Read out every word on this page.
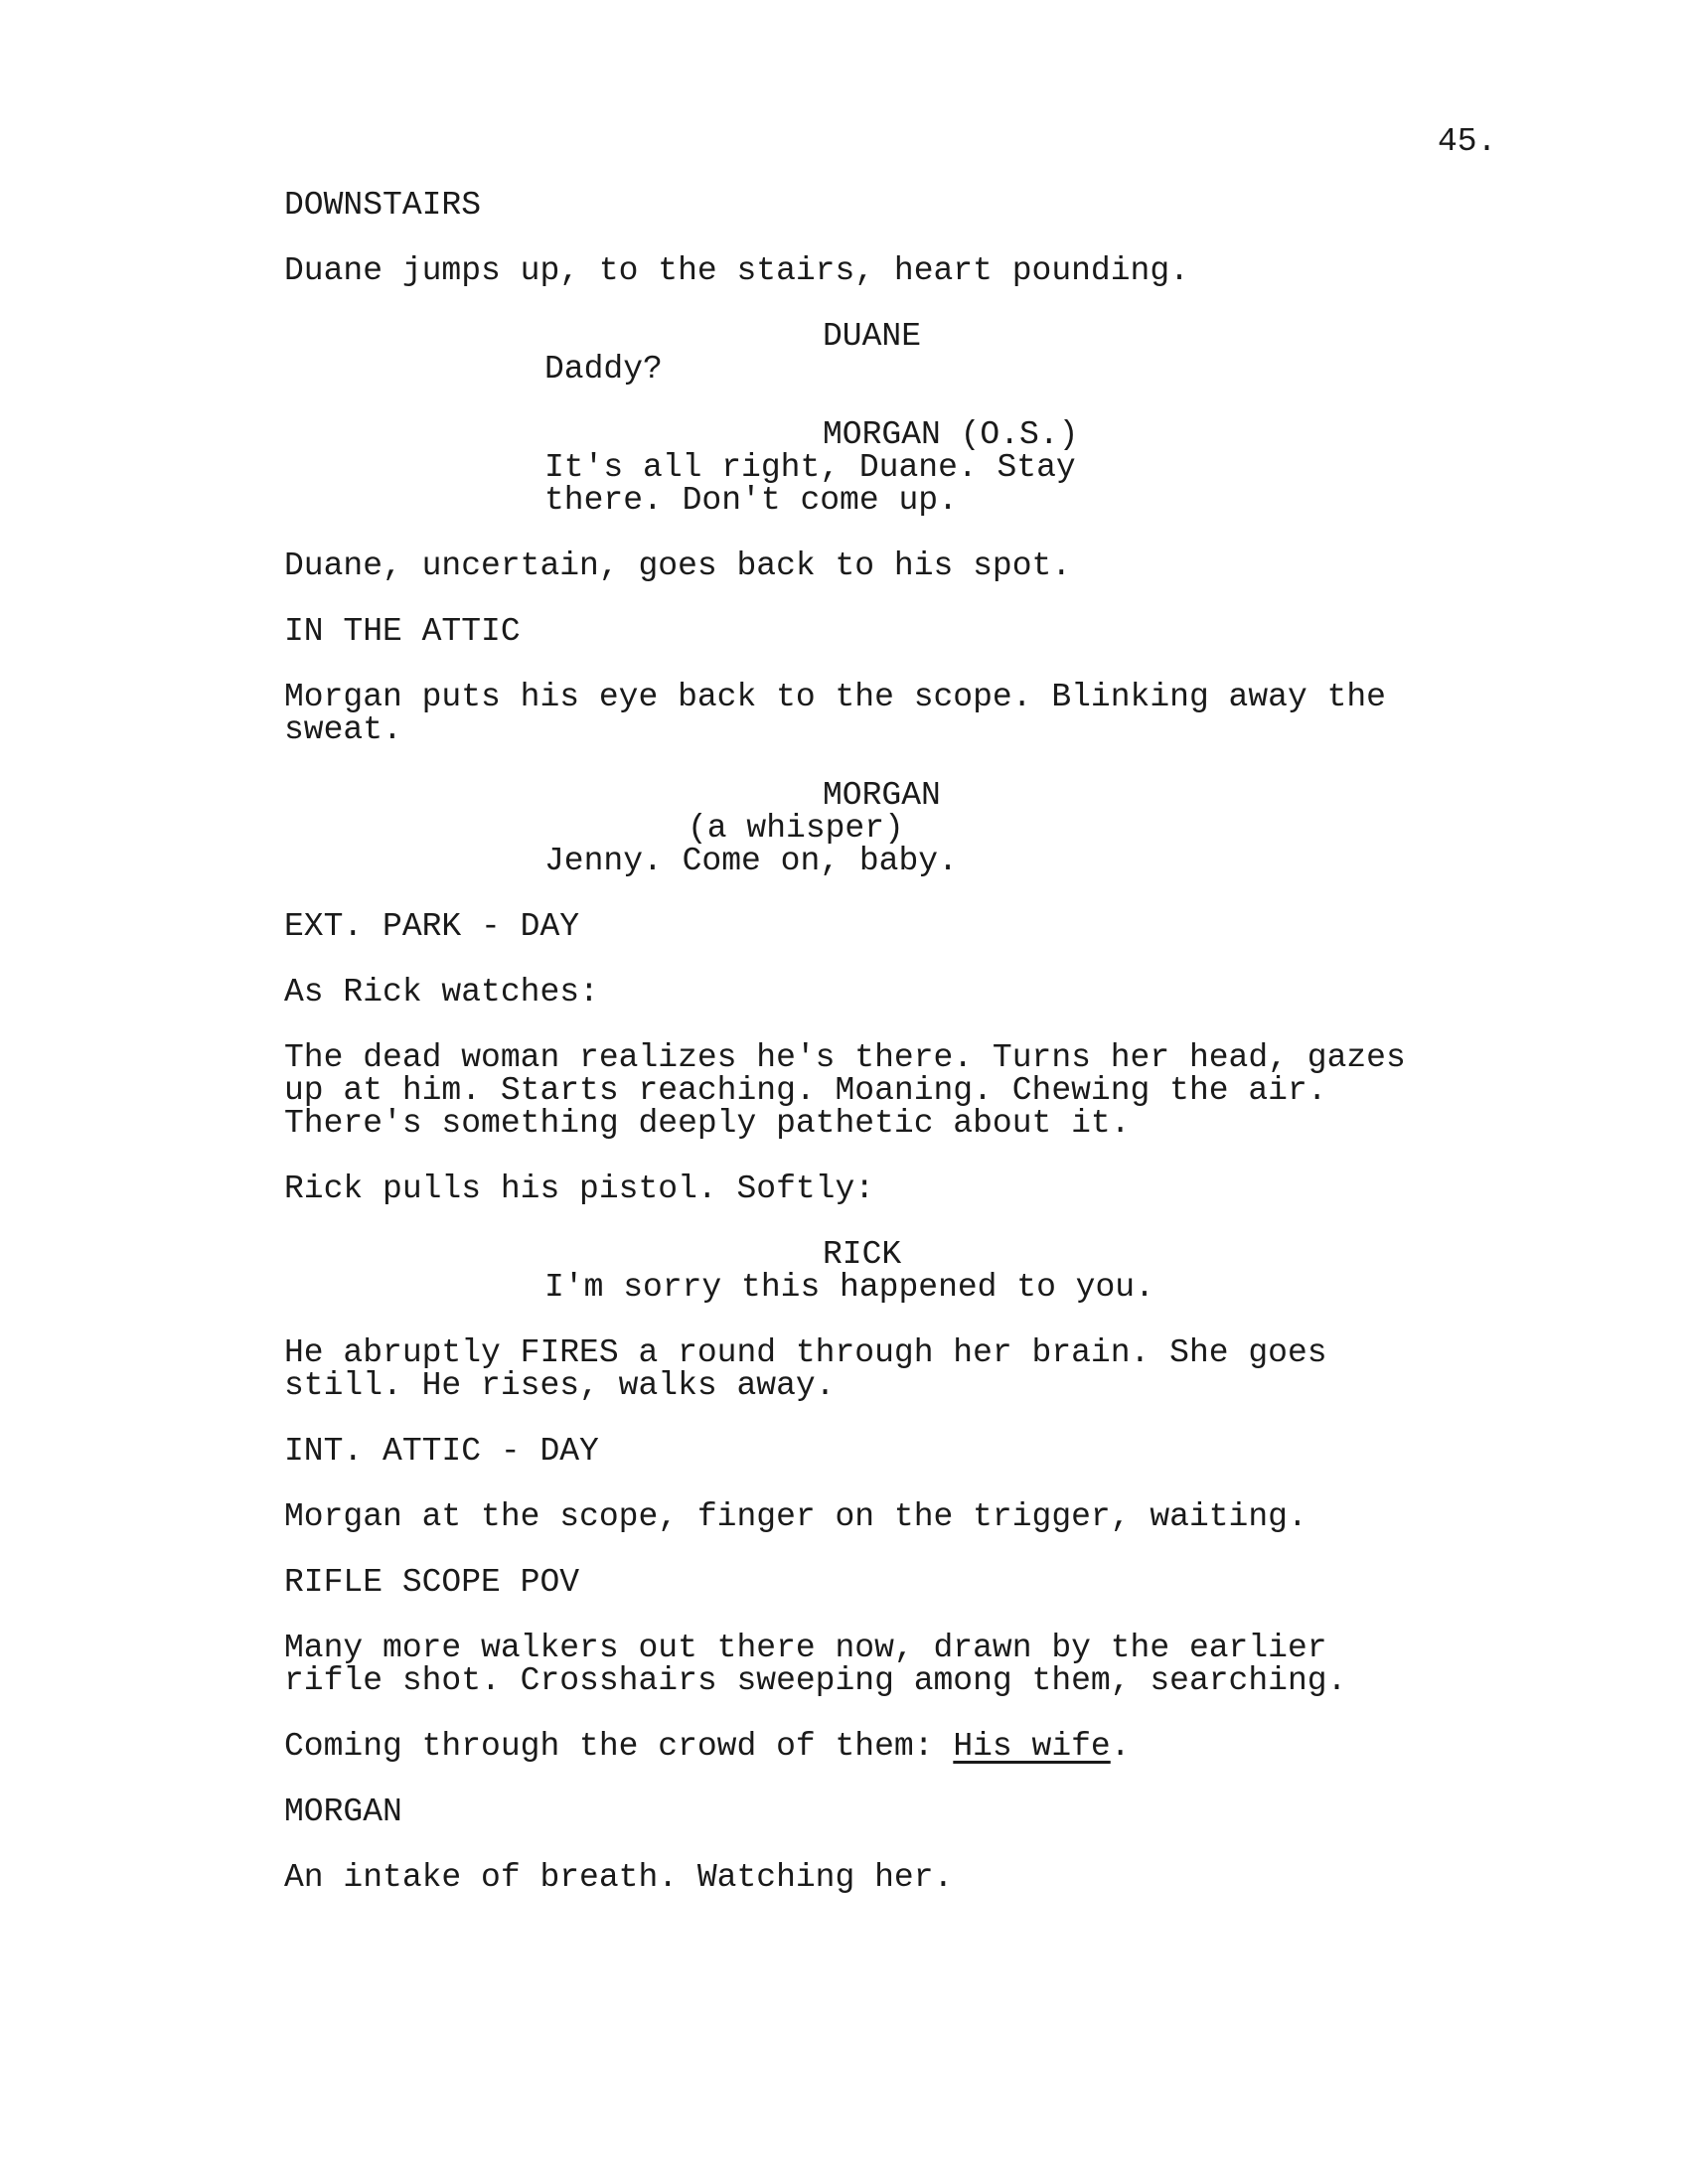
45.
DOWNSTAIRS
Duane jumps up, to the stairs, heart pounding.
DUANE
Daddy?
MORGAN (O.S.)
It's all right, Duane. Stay
there. Don't come up.
Duane, uncertain, goes back to his spot.
IN THE ATTIC
Morgan puts his eye back to the scope. Blinking away the
sweat.
MORGAN
(a whisper)
Jenny. Come on, baby.
EXT. PARK - DAY
As Rick watches:
The dead woman realizes he's there. Turns her head, gazes
up at him. Starts reaching. Moaning. Chewing the air.
There's something deeply pathetic about it.
Rick pulls his pistol. Softly:
RICK
I'm sorry this happened to you.
He abruptly FIRES a round through her brain. She goes
still. He rises, walks away.
INT. ATTIC - DAY
Morgan at the scope, finger on the trigger, waiting.
RIFLE SCOPE POV
Many more walkers out there now, drawn by the earlier
rifle shot. Crosshairs sweeping among them, searching.
Coming through the crowd of them: His wife.
MORGAN
An intake of breath. Watching her.
